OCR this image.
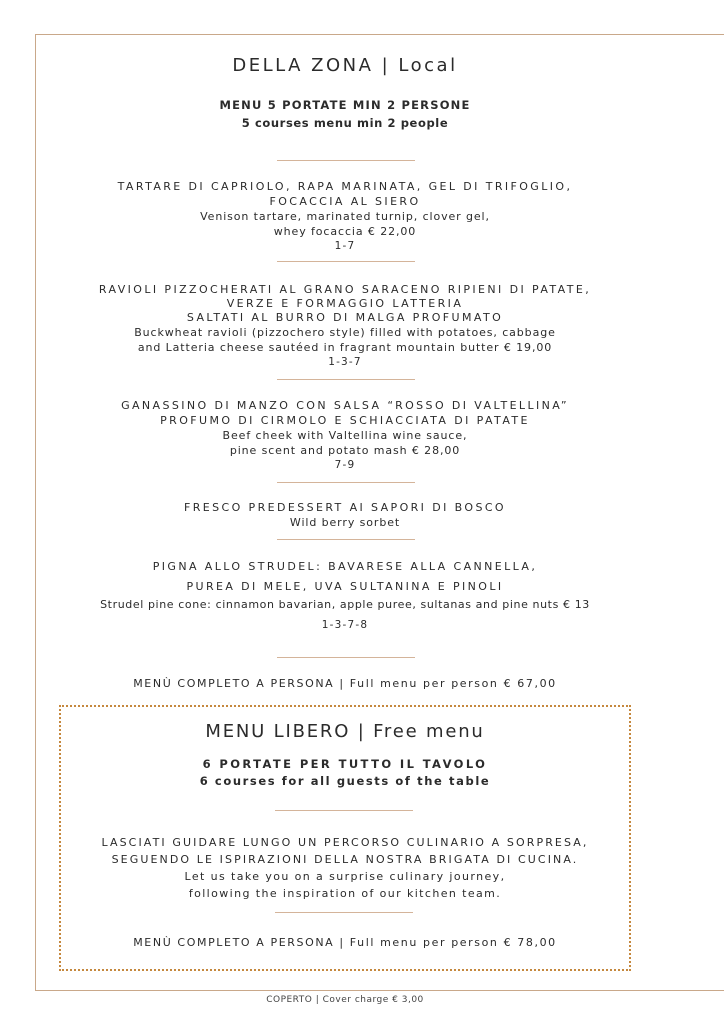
DELLA ZONA | Local
MENU 5 PORTATE MIN 2 PERSONE
5 courses menu min 2 people
TARTARE DI CAPRIOLO, RAPA MARINATA, GEL DI TRIFOGLIO,
FOCACCIA AL SIERO
Venison tartare, marinated turnip, clover gel,
whey focaccia € 22,00
1-7
RAVIOLI PIZZOCHERATI AL GRANO SARACENO RIPIENI DI PATATE,
VERZE E FORMAGGIO LATTERIA
SALTATI AL BURRO DI MALGA PROFUMATO
Buckwheat ravioli (pizzochero style) filled with potatoes, cabbage
and Latteria cheese sautéed in fragrant mountain butter € 19,00
1-3-7
GANASSINO DI MANZO CON SALSA “ROSSO DI VALTELLINA”
PROFUMO DI CIRMOLO E SCHIACCIATA DI PATATE
Beef cheek with Valtellina wine sauce,
pine scent and potato mash € 28,00
7-9
FRESCO PREDESSERT AI SAPORI DI BOSCO
Wild berry sorbet
PIGNA ALLO STRUDEL: BAVARESE ALLA CANNELLA,
PUREA DI MELE, UVA SULTANINA E PINOLI
Strudel pine cone: cinnamon bavarian, apple puree, sultanas and pine nuts € 13
1-3-7-8
MENÙ COMPLETO A PERSONA | Full menu per person € 67,00
MENU LIBERO | Free menu
6 PORTATE PER TUTTO IL TAVOLO
6 courses for all guests of the table
LASCIATI GUIDARE LUNGO UN PERCORSO CULINARIO A SORPRESA,
SEGUENDO LE ISPIRAZIONI DELLA NOSTRA BRIGATA DI CUCINA.
Let us take you on a surprise culinary journey,
following the inspiration of our kitchen team.
MENÙ COMPLETO A PERSONA | Full menu per person € 78,00
COPERTO | Cover charge € 3,00
